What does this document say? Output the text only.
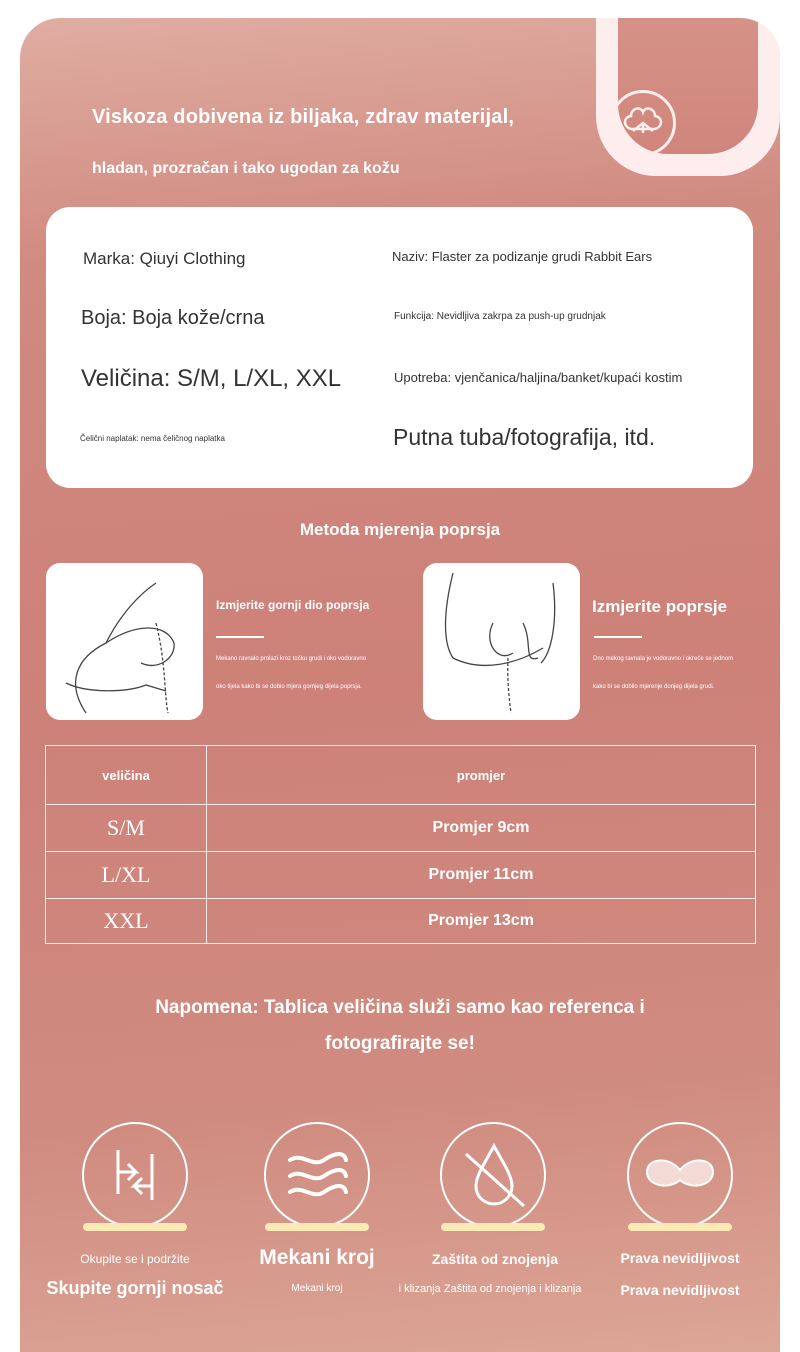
Viskoza dobivena iz biljaka, zdrav materijal,
hladan, prozračan i tako ugodan za kožu
Marka: Qiuyi Clothing	Naziv: Flaster za podizanje grudi Rabbit Ears
Boja: Boja kože/crna	Funkcija: Nevidljiva zakrpa za push-up grudnjak
Veličina: S/M, L/XL, XXL	Upotreba: vjenčanica/haljina/banket/kupaći kostim
Čelični naplatak: nema čeličnog naplatka	Putna tuba/fotografija, itd.
Metoda mjerenja poprsja
Izmjerite gornji dio poprsja
Mekano ravnalo prolazi kroz točku grudi i oko vodoravno
oko tijela kako bi se dobio mjera gornjeg dijela poprsja.
Izmjerite poprsje
Dno mekog ravnala je vodoravno i okreće se jednom
kako bi se dobilo mjerenje donjeg dijela grudi.
veličina	promjer
S/M	Promjer 9cm
L/XL	Promjer 11cm
XXL	Promjer 13cm
Napomena: Tablica veličina služi samo kao referenca i
fotografirajte se!
Okupite se i podržite
Skupite gornji nosač
Mekani kroj
Mekani kroj
Zaštita od znojenja
i klizanja Zaštita od znojenja i klizanja
Prava nevidljivost
Prava nevidljivost
